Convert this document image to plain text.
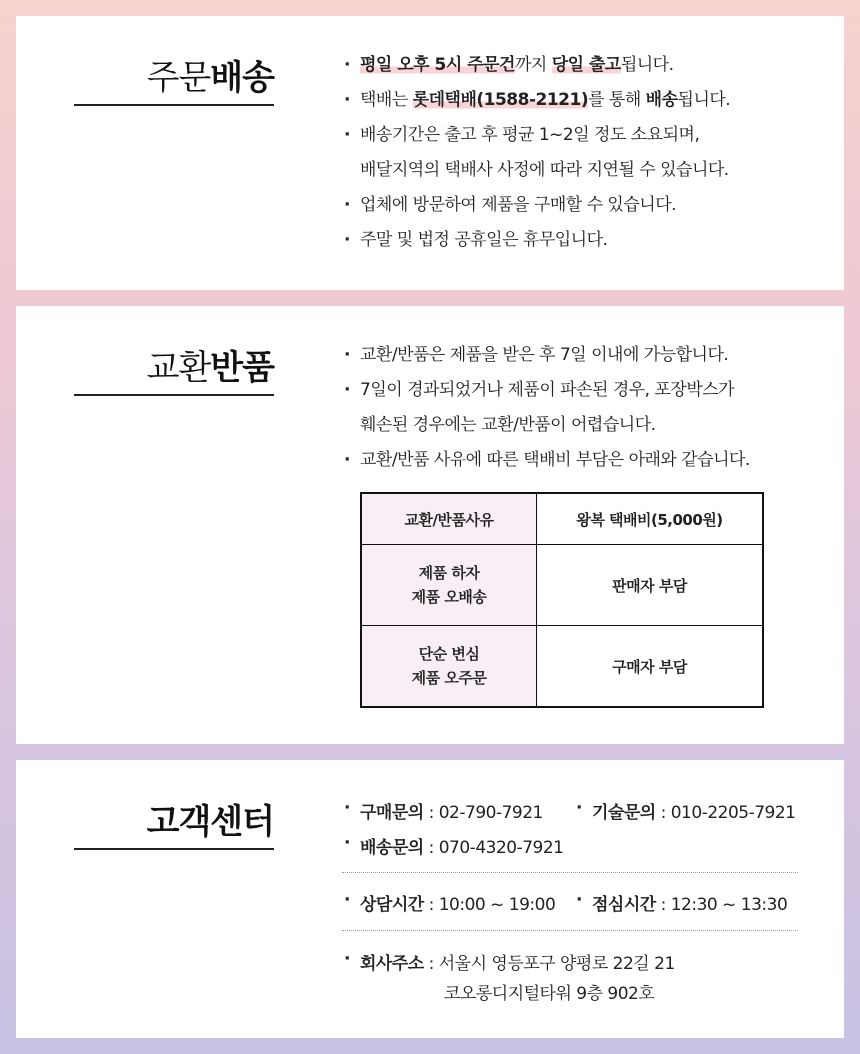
주문배송	· 평일 오후 5시 주문건까지 당일 출고됩니다.
· 택배는 롯데택배(1588-2121)를 통해 배송됩니다.
· 배송기간은 출고 후 평균 1~2일 정도 소요되며,
배달지역의 택배사 사정에 따라 지연될 수 있습니다.
· 업체에 방문하여 제품을 구매할 수 있습니다.
· 주말 및 법정 공휴일은 휴무입니다.
교환반품	· 교환/반품은 제품을 받은 후 7일 이내에 가능합니다.
· 7일이 경과되었거나 제품이 파손된 경우, 포장박스가
훼손된 경우에는 교환/반품이 어렵습니다.
· 교환/반품 사유에 따른 택배비 부담은 아래와 같습니다.
교환/반품사유	왕복 택배비(5,000원)
제품 하자
제품 오배송	판매자 부담
단순 변심
제품 오주문	구매자 부담
고객센터	· 구매문의 : 02-790-7921	· 기술문의 : 010-2205-7921
· 배송문의 : 070-4320-7921
· 상담시간 : 10:00 ~ 19:00	· 점심시간 : 12:30 ~ 13:30
· 회사주소 : 서울시 영등포구 양평로 22길 21
코오롱디지털타워 9층 902호
